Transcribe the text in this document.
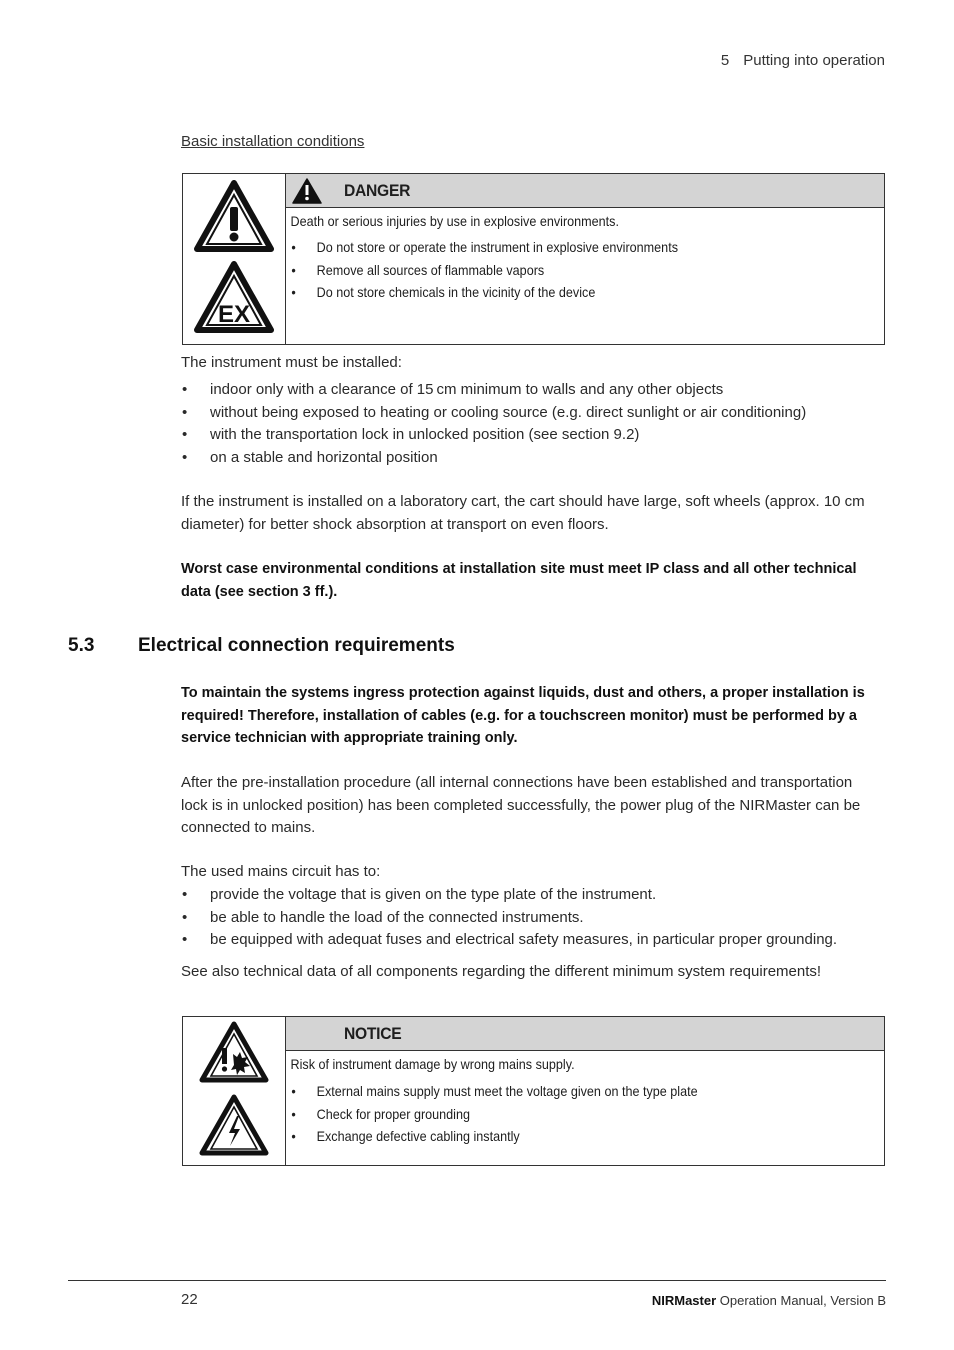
5 Putting into operation
Basic installation conditions
EX
DANGER

Death or serious injuries by use in explosive environments.

• Do not store or operate the instrument in explosive environments
• Remove all sources of flammable vapors
• Do not store chemicals in the vicinity of the device
The instrument must be installed:
• indoor only with a clearance of 15 cm minimum to walls and any other objects
• without being exposed to heating or cooling source (e.g. direct sunlight or air conditioning)
• with the transportation lock in unlocked position (see section 9.2)
• on a stable and horizontal position
If the instrument is installed on a laboratory cart, the cart should have large, soft wheels (approx. 10 cm diameter) for better shock absorption at transport on even floors.
Worst case environmental conditions at installation site must meet IP class and all other technical data (see section 3 ff.).
5.3 Electrical connection requirements
To maintain the systems ingress protection against liquids, dust and others, a proper installation is required! Therefore, installation of cables (e.g. for a touchscreen monitor) must be performed by a service technician with appropriate training only.
After the pre-installation procedure (all internal connections have been established and transportation lock is in unlocked position) has been completed successfully, the power plug of the NIRMaster can be connected to mains.
The used mains circuit has to:
• provide the voltage that is given on the type plate of the instrument.
• be able to handle the load of the connected instruments.
• be equipped with adequat fuses and electrical safety measures, in particular proper grounding.
See also technical data of all components regarding the different minimum system requirements!
NOTICE

Risk of instrument damage by wrong mains supply.

• External mains supply must meet the voltage given on the type plate
• Check for proper grounding
• Exchange defective cabling instantly
22	NIRMaster Operation Manual, Version B
